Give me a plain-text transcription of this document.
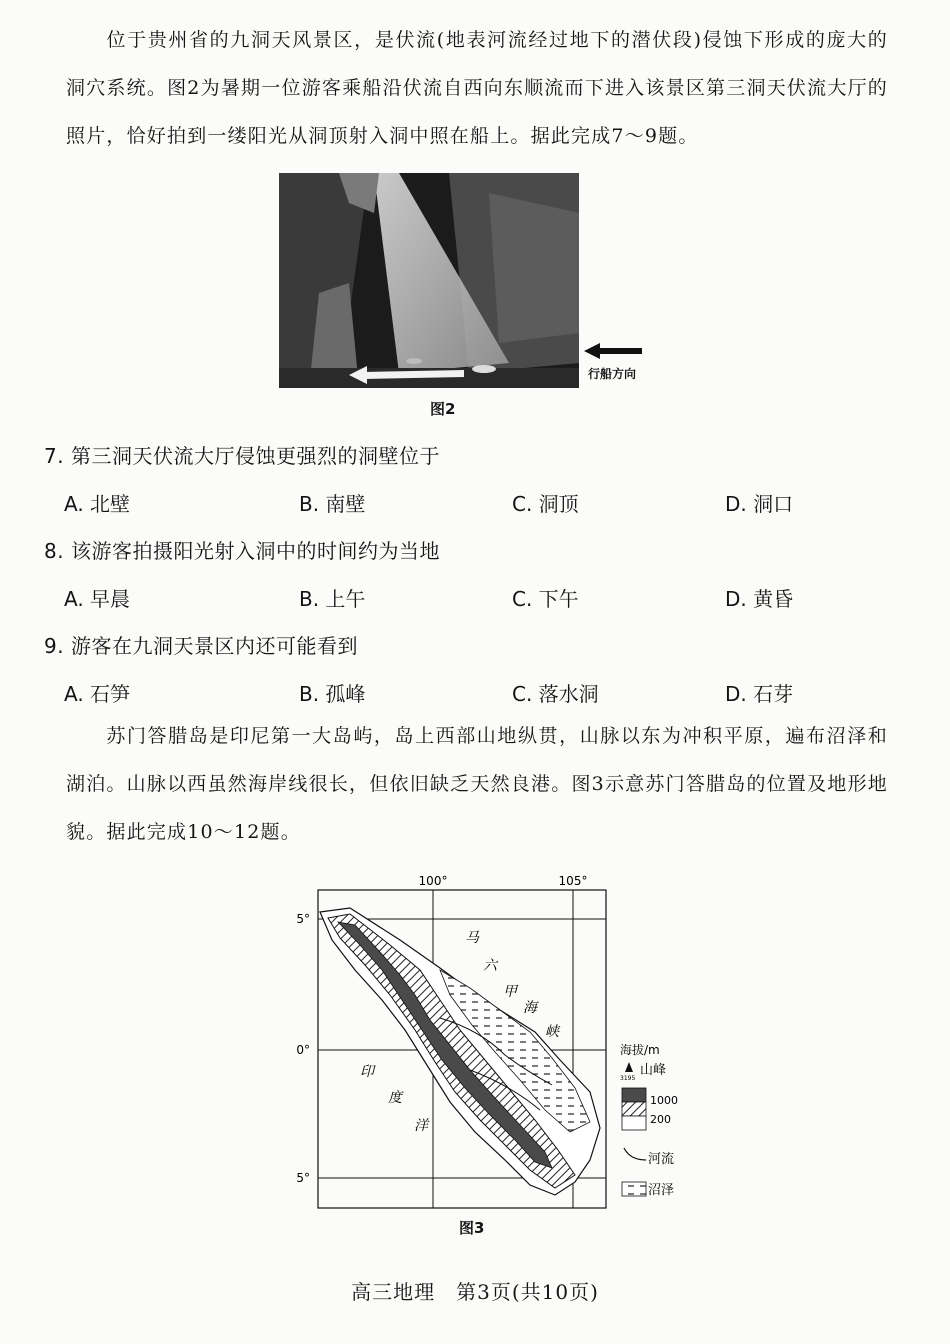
位于贵州省的九洞天风景区，是伏流(地表河流经过地下的潜伏段)侵蚀下形成的庞大的洞穴系统。图2为暑期一位游客乘船沿伏流自西向东顺流而下进入该景区第三洞天伏流大厅的照片，恰好拍到一缕阳光从洞顶射入洞中照在船上。据此完成7～9题。

行船方向
图2
7. 第三洞天伏流大厅侵蚀更强烈的洞壁位于
A. 北壁	B. 南壁	C. 洞顶	D. 洞口
8. 该游客拍摄阳光射入洞中的时间约为当地
A. 早晨	B. 上午	C. 下午	D. 黄昏
9. 游客在九洞天景区内还可能看到
A. 石笋	B. 孤峰	C. 落水洞	D. 石芽

苏门答腊岛是印尼第一大岛屿，岛上西部山地纵贯，山脉以东为冲积平原，遍布沼泽和湖泊。山脉以西虽然海岸线很长，但依旧缺乏天然良港。图3示意苏门答腊岛的位置及地形地貌。据此完成10～12题。

100°	105°
5°
0°
5°
马
六
甲
海
峡
印
度
洋
海拔/m
3195
山峰
1000
200
河流
沼泽
图3
高三地理　第3页(共10页)
